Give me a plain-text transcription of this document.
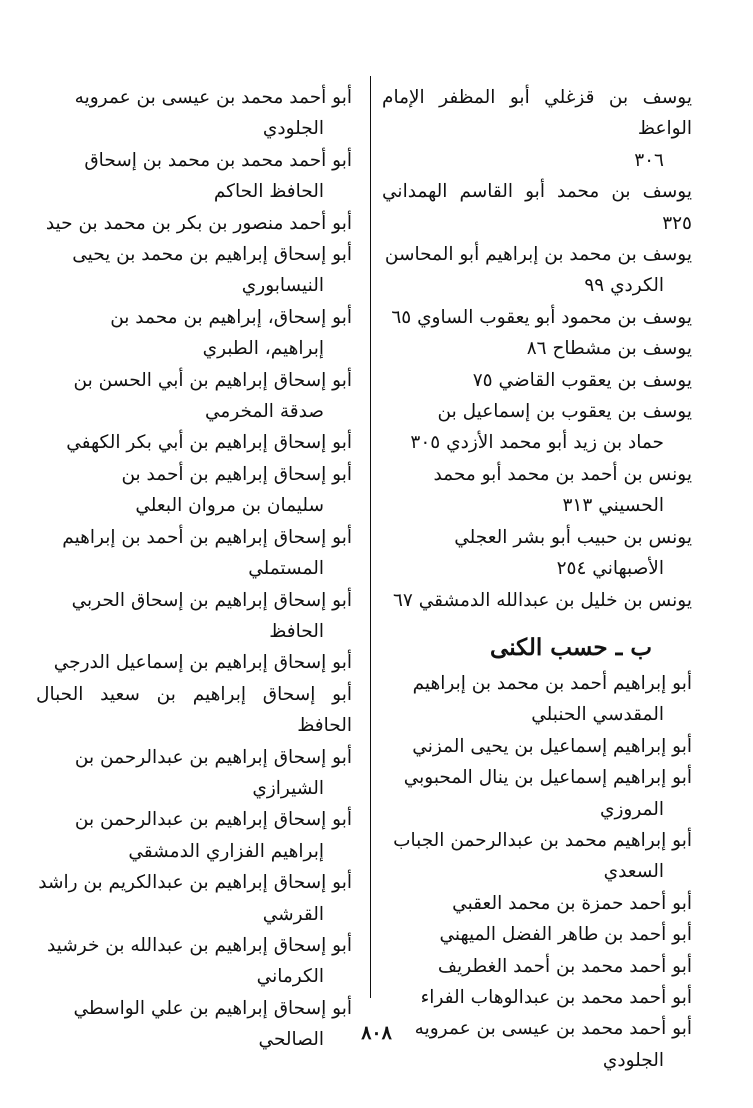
يوسف بن قزغلي أبو المظفر الإمام الواعظ
٣٠٦

يوسف بن محمد أبو القاسم الهمداني ٣٢٥

يوسف بن محمد بن إبراهيم أبو المحاسن
الكردي ٩٩

يوسف بن محمود أبو يعقوب الساوي ٦٥

يوسف بن مشطاح ٨٦

يوسف بن يعقوب القاضي ٧٥

يوسف بن يعقوب بن إسماعيل بن
حماد بن زيد أبو محمد الأزدي ٣٠٥

يونس بن أحمد بن محمد أبو محمد
الحسيني ٣١٣

يونس بن حبيب أبو بشر العجلي
الأصبهاني ٢٥٤

يونس بن خليل بن عبدالله الدمشقي ٦٧

ب ـ حسب الكنى

أبو إبراهيم أحمد بن محمد بن إبراهيم
المقدسي الحنبلي

أبو إبراهيم إسماعيل بن يحيى المزني

أبو إبراهيم إسماعيل بن ينال المحبوبي
المروزي

أبو إبراهيم محمد بن عبدالرحمن الجباب
السعدي

أبو أحمد حمزة بن محمد العقبي

أبو أحمد بن طاهر الفضل الميهني

أبو أحمد محمد بن أحمد الغطريف

أبو أحمد محمد بن عبدالوهاب الفراء

أبو أحمد محمد بن عيسى بن عمرويه
الجلودي

أبو أحمد محمد بن عيسى بن عمرويه
الجلودي

أبو أحمد محمد بن محمد بن إسحاق
الحافظ الحاكم

أبو أحمد منصور بن بكر بن محمد بن حيد

أبو إسحاق إبراهيم بن محمد بن يحيى
النيسابوري

أبو إسحاق، إبراهيم بن محمد بن
إبراهيم، الطبري

أبو إسحاق إبراهيم بن أبي الحسن بن
صدقة المخرمي

أبو إسحاق إبراهيم بن أبي بكر الكهفي

أبو إسحاق إبراهيم بن أحمد بن
سليمان بن مروان البعلي

أبو إسحاق إبراهيم بن أحمد بن إبراهيم
المستملي

أبو إسحاق إبراهيم بن إسحاق الحربي
الحافظ

أبو إسحاق إبراهيم بن إسماعيل الدرجي

أبو إسحاق إبراهيم بن سعيد الحبال الحافظ

أبو إسحاق إبراهيم بن عبدالرحمن بن
الشيرازي

أبو إسحاق إبراهيم بن عبدالرحمن بن
إبراهيم الفزاري الدمشقي

أبو إسحاق إبراهيم بن عبدالكريم بن راشد
القرشي

أبو إسحاق إبراهيم بن عبدالله بن خرشيد
الكرماني

أبو إسحاق إبراهيم بن علي الواسطي
الصالحي	٨٠٨
